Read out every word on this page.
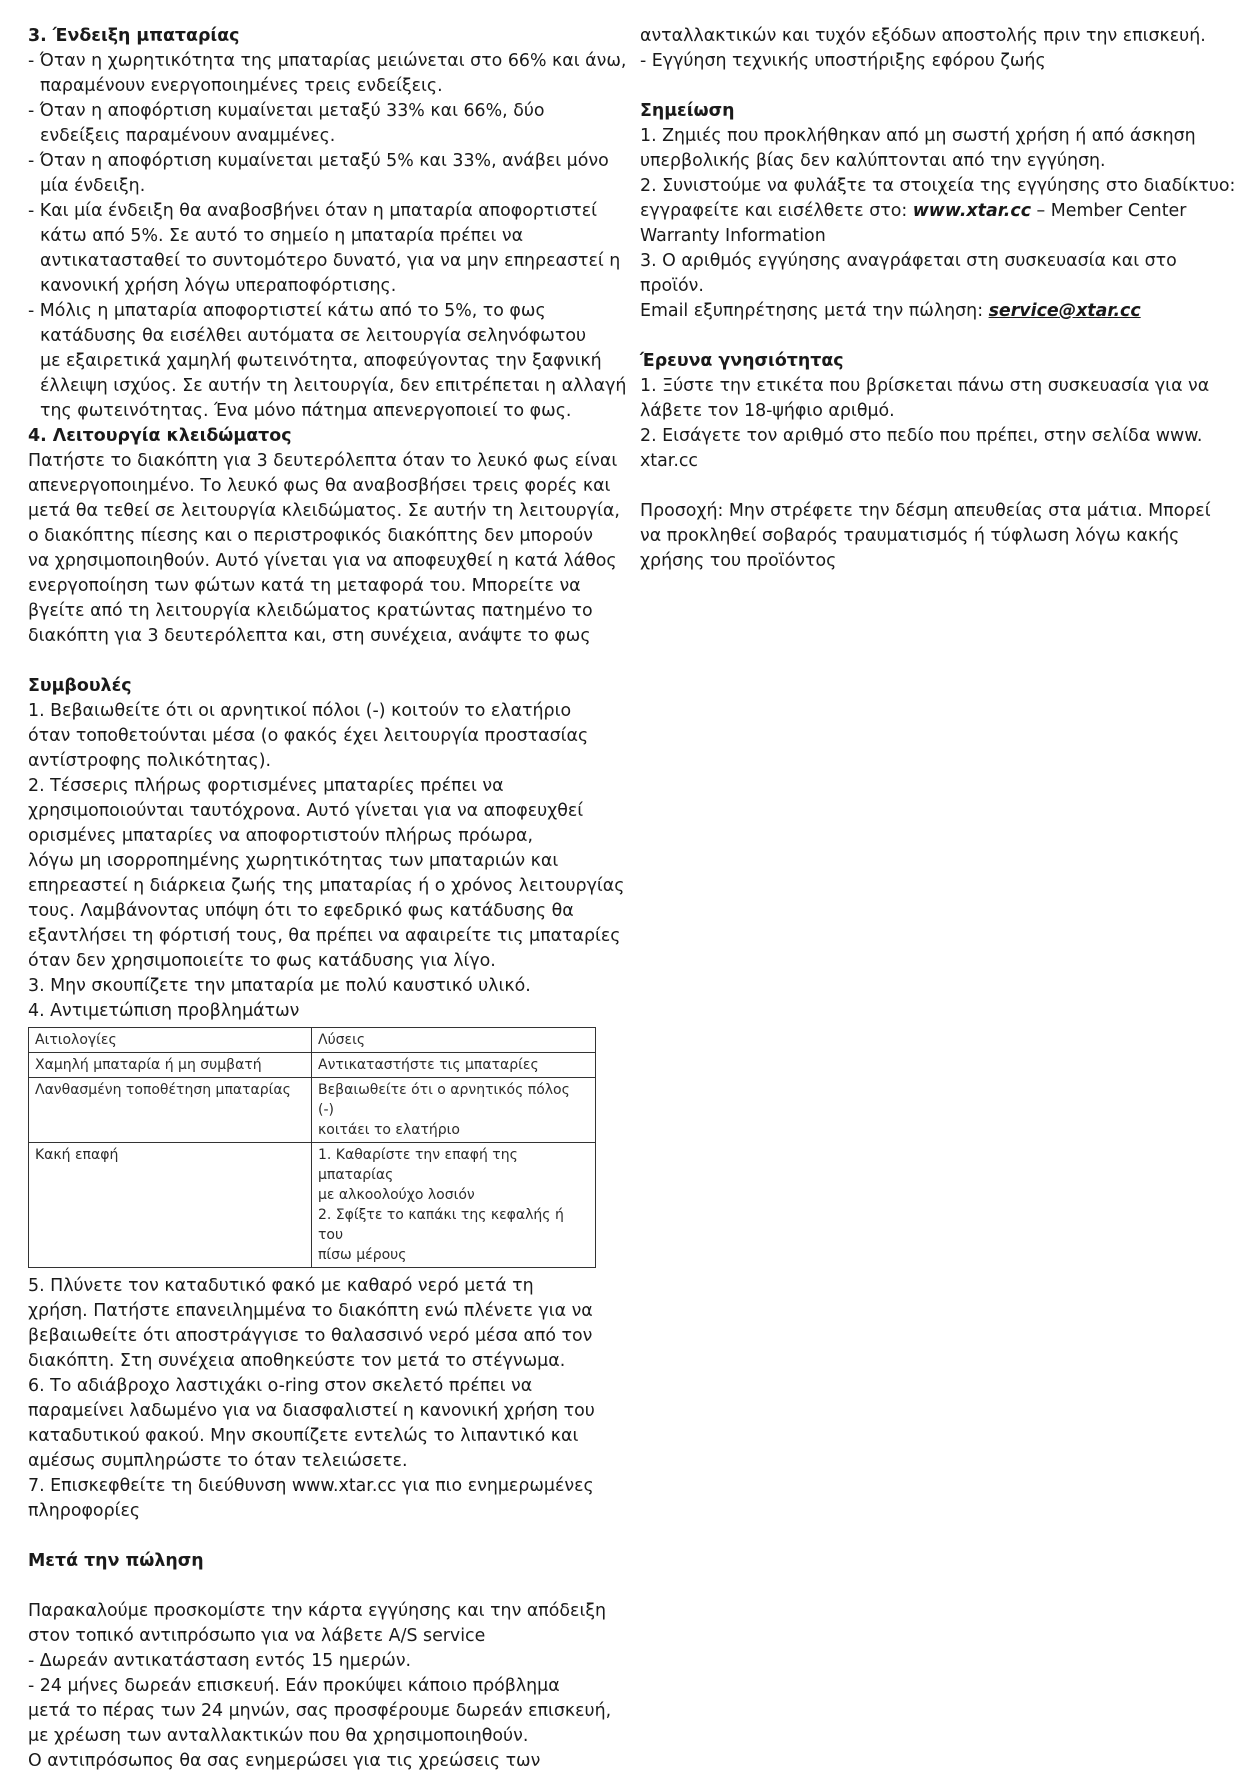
3. Ένδειξη μπαταρίας
- Όταν η χωρητικότητα της μπαταρίας μειώνεται στο 66% και άνω,
παραμένουν ενεργοποιημένες τρεις ενδείξεις.
- Όταν η αποφόρτιση κυμαίνεται μεταξύ 33% και 66%, δύο
ενδείξεις παραμένουν αναμμένες.
- Όταν η αποφόρτιση κυμαίνεται μεταξύ 5% και 33%, ανάβει μόνο
μία ένδειξη.
- Και μία ένδειξη θα αναβοσβήνει όταν η μπαταρία αποφορτιστεί
κάτω από 5%. Σε αυτό το σημείο η μπαταρία πρέπει να
αντικατασταθεί το συντομότερο δυνατό, για να μην επηρεαστεί η
κανονική χρήση λόγω υπεραποφόρτισης.
- Μόλις η μπαταρία αποφορτιστεί κάτω από το 5%, το φως
κατάδυσης θα εισέλθει αυτόματα σε λειτουργία σεληνόφωτου
με εξαιρετικά χαμηλή φωτεινότητα, αποφεύγοντας την ξαφνική
έλλειψη ισχύος. Σε αυτήν τη λειτουργία, δεν επιτρέπεται η αλλαγή
της φωτεινότητας. Ένα μόνο πάτημα απενεργοποιεί το φως.
4. Λειτουργία κλειδώματος
Πατήστε το διακόπτη για 3 δευτερόλεπτα όταν το λευκό φως είναι
απενεργοποιημένο. Το λευκό φως θα αναβοσβήσει τρεις φορές και
μετά θα τεθεί σε λειτουργία κλειδώματος. Σε αυτήν τη λειτουργία,
ο διακόπτης πίεσης και ο περιστροφικός διακόπτης δεν μπορούν
να χρησιμοποιηθούν. Αυτό γίνεται για να αποφευχθεί η κατά λάθος
ενεργοποίηση των φώτων κατά τη μεταφορά του. Μπορείτε να
βγείτε από τη λειτουργία κλειδώματος κρατώντας πατημένο το
διακόπτη για 3 δευτερόλεπτα και, στη συνέχεια, ανάψτε το φως
Συμβουλές
1. Βεβαιωθείτε ότι οι αρνητικοί πόλοι (-) κοιτούν το ελατήριο
όταν τοποθετούνται μέσα (ο φακός έχει λειτουργία προστασίας
αντίστροφης πολικότητας).
2. Τέσσερις πλήρως φορτισμένες μπαταρίες πρέπει να
χρησιμοποιούνται ταυτόχρονα. Αυτό γίνεται για να αποφευχθεί
ορισμένες μπαταρίες να αποφορτιστούν πλήρως πρόωρα,
λόγω μη ισορροπημένης χωρητικότητας των μπαταριών και
επηρεαστεί η διάρκεια ζωής της μπαταρίας ή ο χρόνος λειτουργίας
τους. Λαμβάνοντας υπόψη ότι το εφεδρικό φως κατάδυσης θα
εξαντλήσει τη φόρτισή τους, θα πρέπει να αφαιρείτε τις μπαταρίες
όταν δεν χρησιμοποιείτε το φως κατάδυσης για λίγο.
3. Μην σκουπίζετε την μπαταρία με πολύ καυστικό υλικό.
4. Αντιμετώπιση προβλημάτων
Αιτιολογίες	Λύσεις
Χαμηλή μπαταρία ή μη συμβατή	Αντικαταστήστε τις μπαταρίες

Λανθασμένη τοποθέτηση μπαταρίας	Βεβαιωθείτε ότι ο αρνητικός πόλος (-)
κοιτάει το ελατήριο

Κακή επαφή	1. Καθαρίστε την επαφή της μπαταρίας
με αλκοολούχο λοσιόν
2. Σφίξτε το καπάκι της κεφαλής ή του
πίσω μέρους
5. Πλύνετε τον καταδυτικό φακό με καθαρό νερό μετά τη
χρήση. Πατήστε επανειλημμένα το διακόπτη ενώ πλένετε για να
βεβαιωθείτε ότι αποστράγγισε το θαλασσινό νερό μέσα από τον
διακόπτη. Στη συνέχεια αποθηκεύστε τον μετά το στέγνωμα.
6. Το αδιάβροχο λαστιχάκι o-ring στον σκελετό πρέπει να
παραμείνει λαδωμένο για να διασφαλιστεί η κανονική χρήση του
καταδυτικού φακού. Μην σκουπίζετε εντελώς το λιπαντικό και
αμέσως συμπληρώστε το όταν τελειώσετε.
7. Επισκεφθείτε τη διεύθυνση www.xtar.cc για πιο ενημερωμένες
πληροφορίες
Μετά την πώληση
Παρακαλούμε προσκομίστε την κάρτα εγγύησης και την απόδειξη
στον τοπικό αντιπρόσωπο για να λάβετε A/S service
- Δωρεάν αντικατάσταση εντός 15 ημερών.
- 24 μήνες δωρεάν επισκευή. Εάν προκύψει κάποιο πρόβλημα
μετά το πέρας των 24 μηνών, σας προσφέρουμε δωρεάν επισκευή,
με χρέωση των ανταλλακτικών που θα χρησιμοποιηθούν.
Ο αντιπρόσωπος θα σας ενημερώσει για τις χρεώσεις των
ανταλλακτικών και τυχόν εξόδων αποστολής πριν την επισκευή.
- Εγγύηση τεχνικής υποστήριξης εφόρου ζωής
Σημείωση
1. Ζημιές που προκλήθηκαν από μη σωστή χρήση ή από άσκηση
υπερβολικής βίας δεν καλύπτονται από την εγγύηση.
2. Συνιστούμε να φυλάξτε τα στοιχεία της εγγύησης στο διαδίκτυο:
εγγραφείτε και εισέλθετε στο: www.xtar.cc – Member Center
Warranty Information
3. Ο αριθμός εγγύησης αναγράφεται στη συσκευασία και στο
προϊόν.
Email εξυπηρέτησης μετά την πώληση: service@xtar.cc
Έρευνα γνησιότητας
1. Ξύστε την ετικέτα που βρίσκεται πάνω στη συσκευασία για να
λάβετε τον 18-ψήφιο αριθμό.
2. Εισάγετε τον αριθμό στο πεδίο που πρέπει, στην σελίδα www.
xtar.cc
Προσοχή: Μην στρέφετε την δέσμη απευθείας στα μάτια. Μπορεί
να προκληθεί σοβαρός τραυματισμός ή τύφλωση λόγω κακής
χρήσης του προϊόντος
